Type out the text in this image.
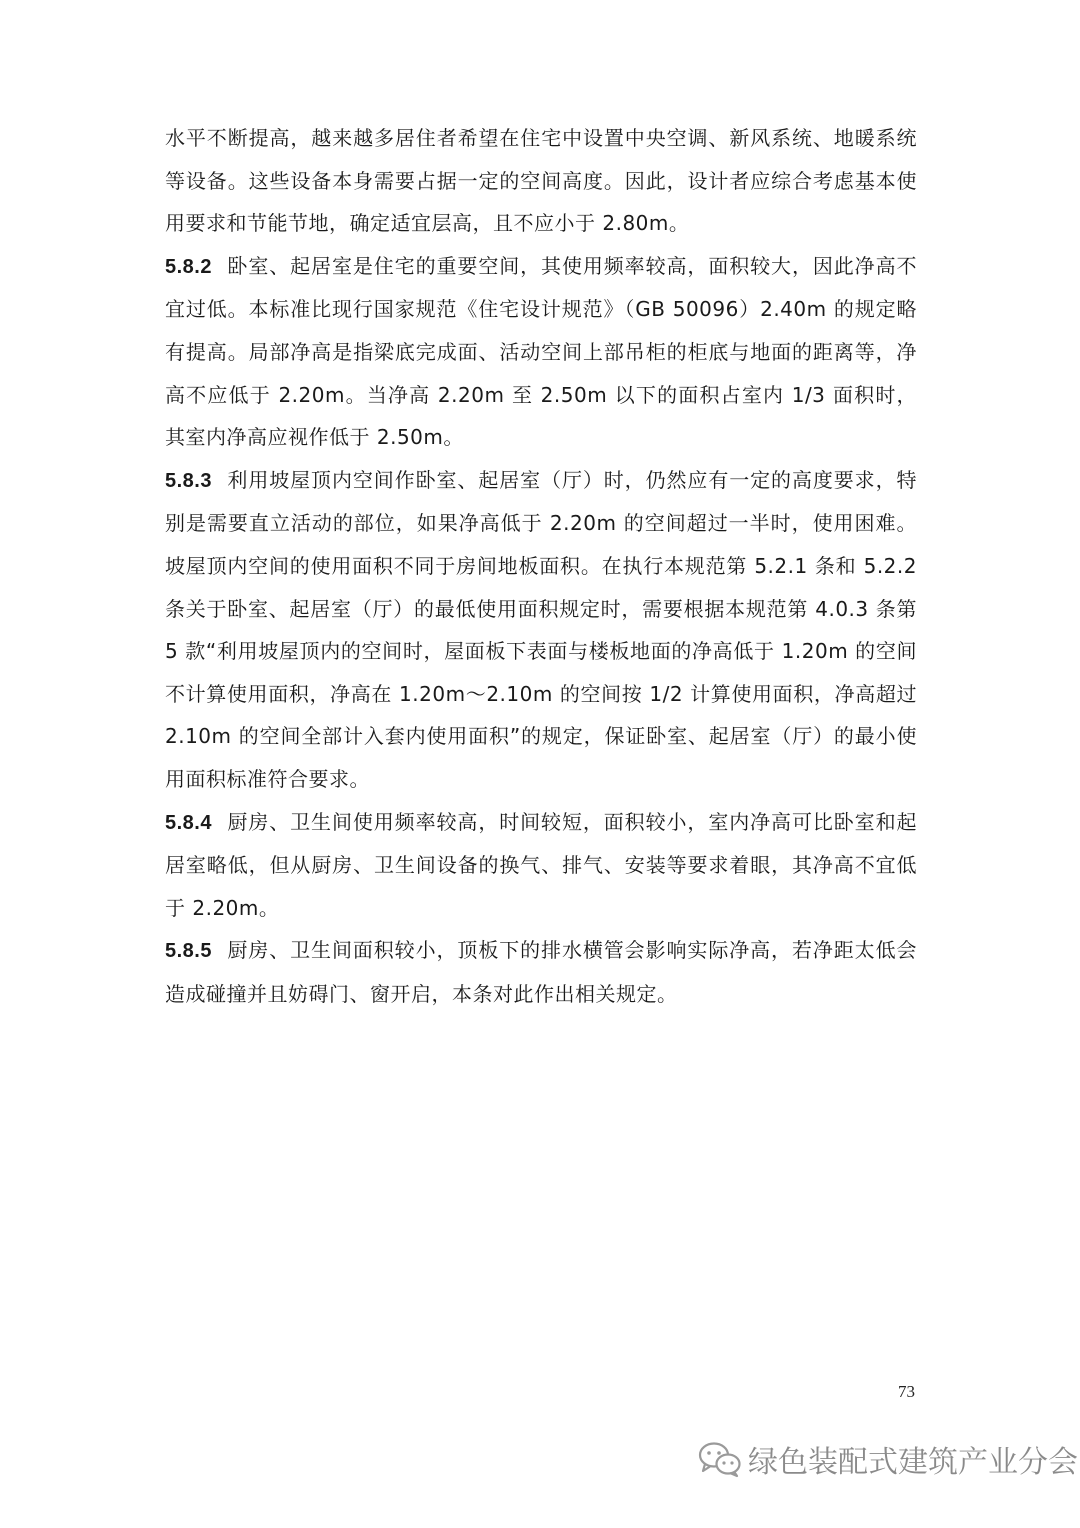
水平不断提高，越来越多居住者希望在住宅中设置中央空调、新风系统、地暖系统等设备。这些设备本身需要占据一定的空间高度。因此，设计者应综合考虑基本使用要求和节能节地，确定适宜层高，且不应小于 2.80m。

5.8.2 卧室、起居室是住宅的重要空间，其使用频率较高，面积较大，因此净高不宜过低。本标准比现行国家规范《住宅设计规范》（GB 50096）2.40m 的规定略有提高。局部净高是指梁底完成面、活动空间上部吊柜的柜底与地面的距离等，净高不应低于 2.20m。当净高 2.20m 至 2.50m 以下的面积占室内 1/3 面积时，其室内净高应视作低于 2.50m。

5.8.3 利用坡屋顶内空间作卧室、起居室（厅）时，仍然应有一定的高度要求，特别是需要直立活动的部位，如果净高低于 2.20m 的空间超过一半时，使用困难。坡屋顶内空间的使用面积不同于房间地板面积。在执行本规范第 5.2.1 条和 5.2.2 条关于卧室、起居室（厅）的最低使用面积规定时，需要根据本规范第 4.0.3 条第 5 款“利用坡屋顶内的空间时，屋面板下表面与楼板地面的净高低于 1.20m 的空间不计算使用面积，净高在 1.20m～2.10m 的空间按 1/2 计算使用面积，净高超过 2.10m 的空间全部计入套内使用面积”的规定，保证卧室、起居室（厅）的最小使用面积标准符合要求。

5.8.4 厨房、卫生间使用频率较高，时间较短，面积较小，室内净高可比卧室和起居室略低，但从厨房、卫生间设备的换气、排气、安装等要求着眼，其净高不宜低于 2.20m。

5.8.5 厨房、卫生间面积较小，顶板下的排水横管会影响实际净高，若净距太低会造成碰撞并且妨碍门、窗开启，本条对此作出相关规定。

73
绿色装配式建筑产业分会
